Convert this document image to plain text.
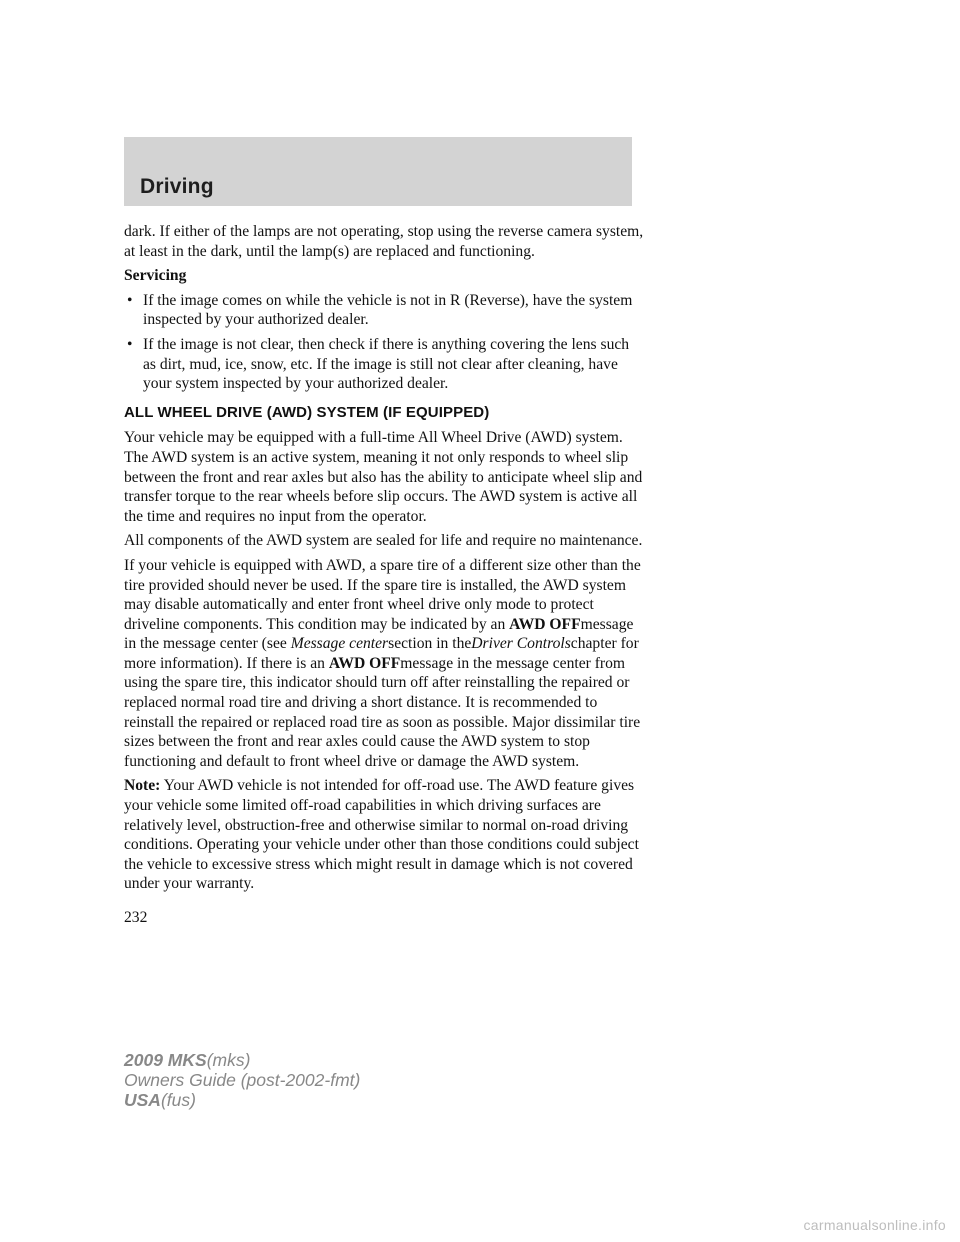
Driving

dark. If either of the lamps are not operating, stop using the reverse camera system, at least in the dark, until the lamp(s) are replaced and functioning.

Servicing
• If the image comes on while the vehicle is not in R (Reverse), have the system inspected by your authorized dealer.
• If the image is not clear, then check if there is anything covering the lens such as dirt, mud, ice, snow, etc. If the image is still not clear after cleaning, have your system inspected by your authorized dealer.
ALL WHEEL DRIVE (AWD) SYSTEM (IF EQUIPPED)

Your vehicle may be equipped with a full-time All Wheel Drive (AWD) system. The AWD system is an active system, meaning it not only responds to wheel slip between the front and rear axles but also has the ability to anticipate wheel slip and transfer torque to the rear wheels before slip occurs. The AWD system is active all the time and requires no input from the operator.

All components of the AWD system are sealed for life and require no maintenance.

If your vehicle is equipped with AWD, a spare tire of a different size other than the tire provided should never be used. If the spare tire is installed, the AWD system may disable automatically and enter front wheel drive only mode to protect driveline components. This condition may be indicated by an AWD OFFmessage in the message center (see Message centersection in theDriver Controlschapter for more information). If there is an AWD OFFmessage in the message center from using the spare tire, this indicator should turn off after reinstalling the repaired or replaced normal road tire and driving a short distance. It is recommended to reinstall the repaired or replaced road tire as soon as possible. Major dissimilar tire sizes between the front and rear axles could cause the AWD system to stop functioning and default to front wheel drive or damage the AWD system.

Note: Your AWD vehicle is not intended for off-road use. The AWD feature gives your vehicle some limited off-road capabilities in which driving surfaces are relatively level, obstruction-free and otherwise similar to normal on-road driving conditions. Operating your vehicle under other than those conditions could subject the vehicle to excessive stress which might result in damage which is not covered under your warranty.

232
2009 MKS(mks)
Owners Guide (post-2002-fmt)
USA(fus)
carmanualsonline.info
